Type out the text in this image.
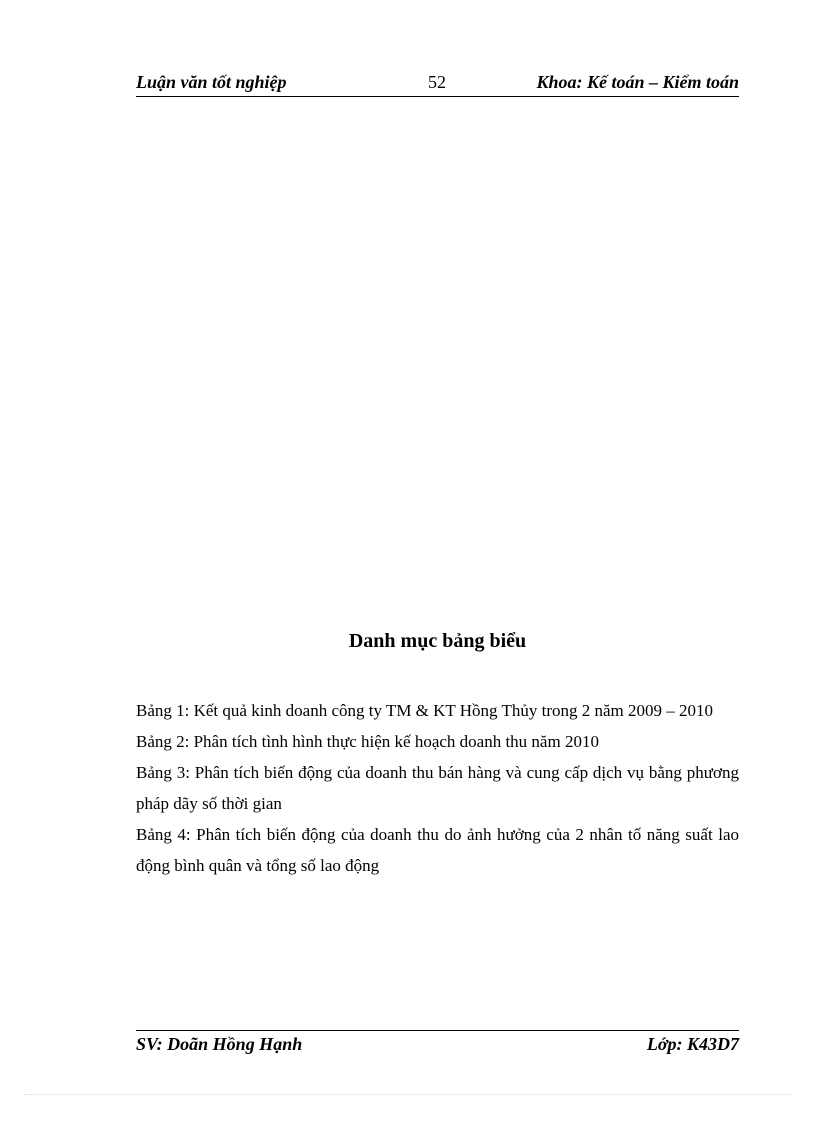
Luận văn tốt nghiệp	52	Khoa: Kế toán – Kiểm toán
Danh mục bảng biểu

Bảng 1: Kết quả kinh doanh công ty TM & KT Hồng Thủy trong 2 năm 2009 – 2010

Bảng 2: Phân tích tình hình thực hiện kế hoạch doanh thu năm 2010

Bảng 3: Phân tích biến động của doanh thu bán hàng và cung cấp dịch vụ bằng phương pháp dãy số thời gian

Bảng 4: Phân tích biến động của doanh thu do ảnh hưởng của 2 nhân tố năng suất lao động bình quân và tổng số lao động

SV: Doãn Hồng Hạnh	Lớp: K43D7
